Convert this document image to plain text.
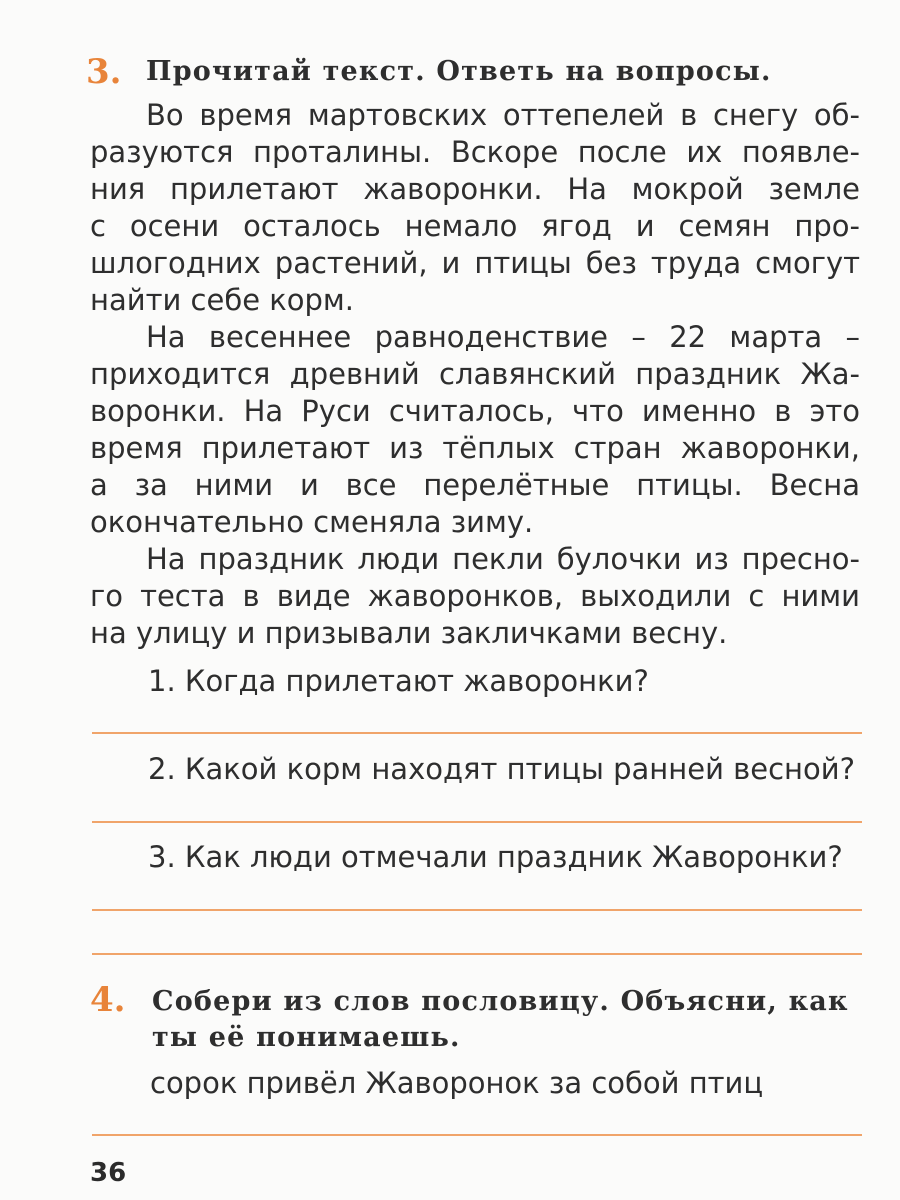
3. Прочитай текст. Ответь на вопросы.
Во время мартовских оттепелей в снегу об-
разуются проталины. Вскоре после их появле-
ния прилетают жаворонки. На мокрой земле
с осени осталось немало ягод и семян про-
шлогодних растений, и птицы без труда смогут
найти себе корм.
На весеннее равноденствие – 22 марта –
приходится древний славянский праздник Жа-
воронки. На Руси считалось, что именно в это
время прилетают из тёплых стран жаворонки,
а за ними и все перелётные птицы. Весна
окончательно сменяла зиму.
На праздник люди пекли булочки из пресно-
го теста в виде жаворонков, выходили с ними
на улицу и призывали закличками весну.
1. Когда прилетают жаворонки?
2. Какой корм находят птицы ранней весной?
3. Как люди отмечали праздник Жаворонки?
4. Собери из слов пословицу. Объясни, как
ты её понимаешь.
сорок привёл Жаворонок за собой птиц
36
